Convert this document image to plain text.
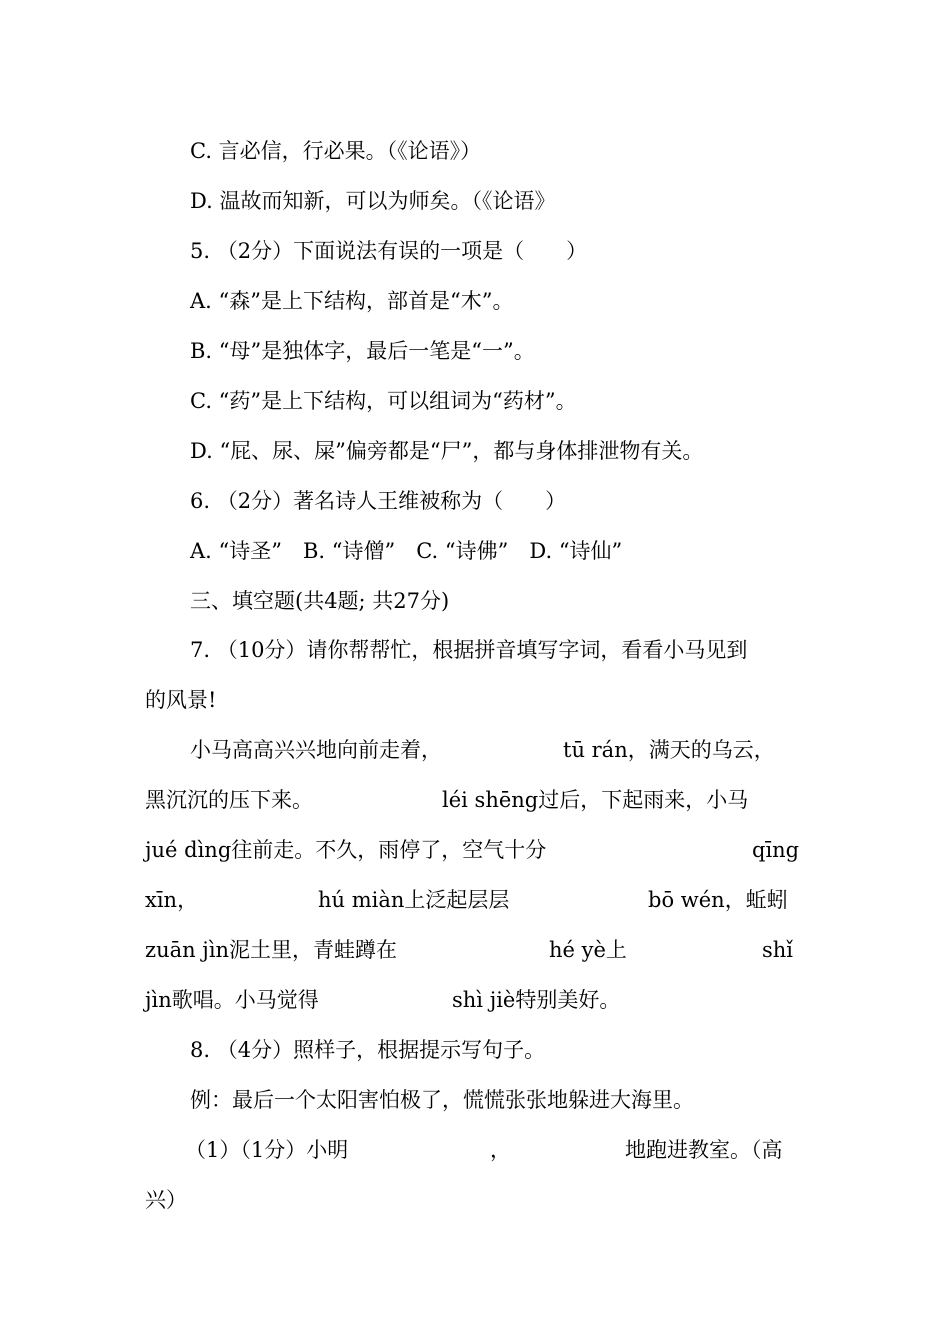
C. 言必信，行必果。（《论语》）
D. 温故而知新，可以为师矣。（《论语》
5. （2分）下面说法有误的一项是（　　）
A. “森”是上下结构，部首是“木”。
B. “母”是独体字，最后一笔是“一”。
C. “药”是上下结构，可以组词为“药材”。
D. “屁、尿、屎”偏旁都是“尸”，都与身体排泄物有关。
6. （2分）著名诗人王维被称为（　　）
A. “诗圣”　B. “诗僧”　C. “诗佛”　D. “诗仙”
三、填空题(共4题; 共27分)
7. （10分）请你帮帮忙，根据拼音填写字词，看看小马见到
的风景!
小马高高兴兴地向前走着，	tū rán，满天的乌云，
黑沉沉的压下来。	léi shēng过后，下起雨来，小马
jué dìng往前走。不久，雨停了，空气十分	qīng
xīn，	hú miàn上泛起层层	bō wén，蚯蚓
zuān jìn泥土里，青蛙蹲在	hé yè上	shǐ
jìn歌唱。小马觉得	shì jiè特别美好。
8. （4分）照样子，根据提示写句子。
例：最后一个太阳害怕极了，慌慌张张地躲进大海里。
（1）（1分）小明	，	地跑进教室。（高
兴）
